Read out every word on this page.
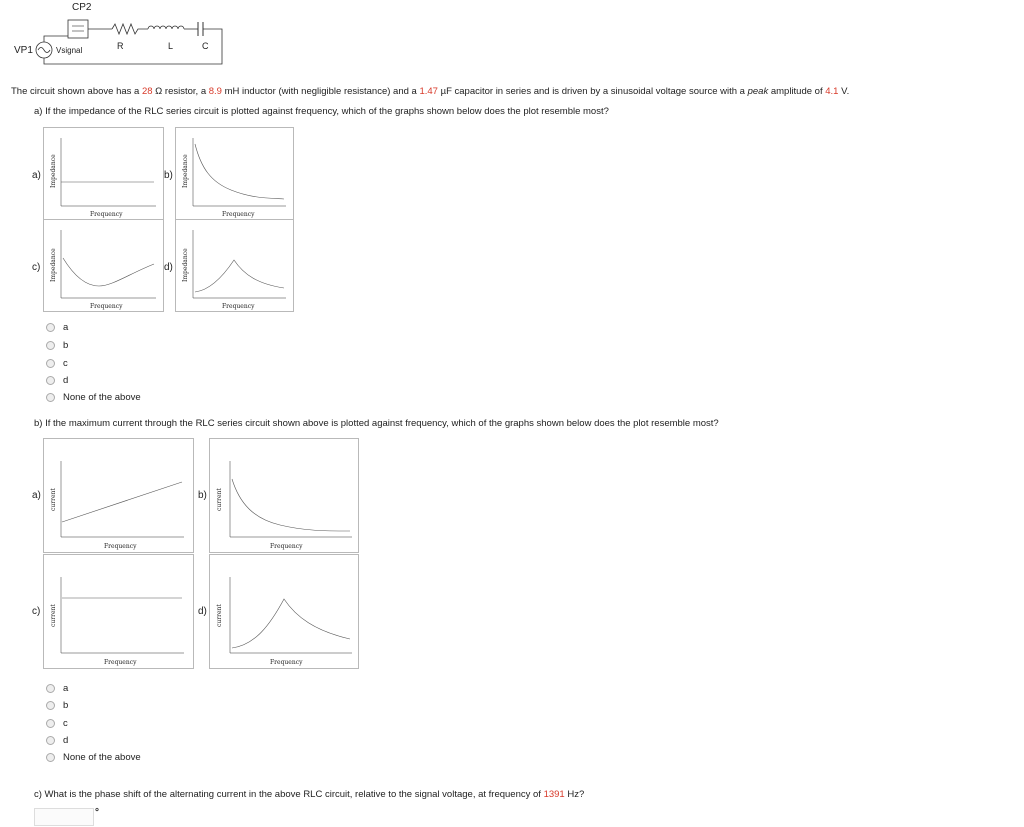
CP2
VP1	Vsignal	R	L	C
The circuit shown above has a 28 Ω resistor, a 8.9 mH inductor (with negligible resistance) and a 1.47 µF capacitor in series and is driven by a sinusoidal voltage source with a peak amplitude of 4.1 V.
a) If the impedance of the RLC series circuit is plotted against frequency, which of the graphs shown below does the plot resemble most?
a) Impedance
Frequency
b) Impedance
Frequency
c) Impedance
Frequency
d) Impedance
Frequency
a
b
c
d
None of the above
b) If the maximum current through the RLC series circuit shown above is plotted against frequency, which of the graphs shown below does the plot resemble most?
a) current
Frequency
b) current
Frequency
c) current
Frequency
d) current
Frequency
a
b
c
d
None of the above
c) What is the phase shift of the alternating current in the above RLC circuit, relative to the signal voltage, at frequency of 1391 Hz?
°
